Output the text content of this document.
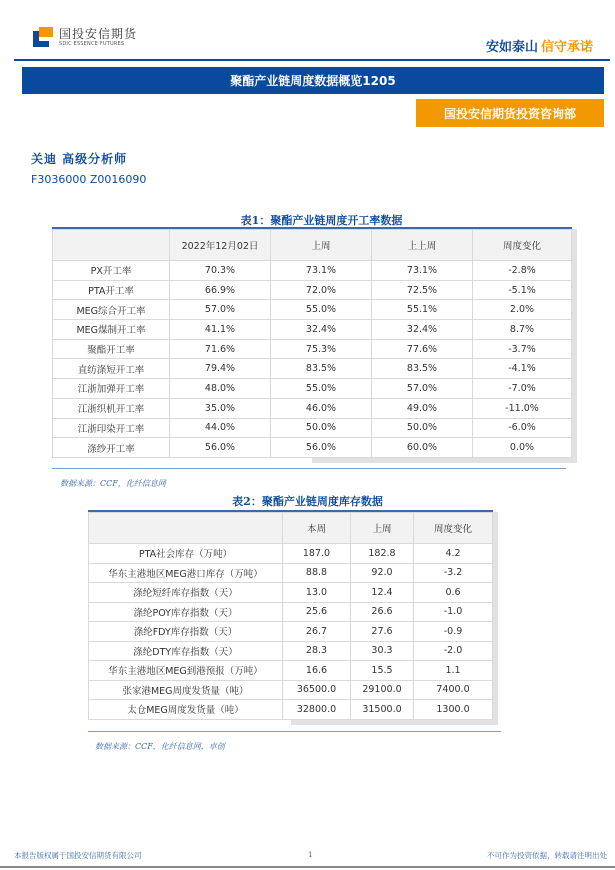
国投安信期货
SDIC ESSENCE FUTURES	安如泰山 信守承诺
聚酯产业链周度数据概览1205
国投安信期货投资咨询部
关迪 高级分析师
F3036000 Z0016090
表1：聚酯产业链周度开工率数据
	2022年12月02日	上周	上上周	周度变化
PX开工率	70.3%	73.1%	73.1%	-2.8%
PTA开工率	66.9%	72.0%	72.5%	-5.1%
MEG综合开工率	57.0%	55.0%	55.1%	2.0%
MEG煤制开工率	41.1%	32.4%	32.4%	8.7%
聚酯开工率	71.6%	75.3%	77.6%	-3.7%
直纺涤短开工率	79.4%	83.5%	83.5%	-4.1%
江浙加弹开工率	48.0%	55.0%	57.0%	-7.0%
江浙织机开工率	35.0%	46.0%	49.0%	-11.0%
江浙印染开工率	44.0%	50.0%	50.0%	-6.0%
涤纱开工率	56.0%	56.0%	60.0%	0.0%
数据来源：CCF，化纤信息网
表2：聚酯产业链周度库存数据
	本周	上周	周度变化
PTA社会库存（万吨）	187.0	182.8	4.2
华东主港地区MEG港口库存（万吨）	88.8	92.0	-3.2
涤纶短纤库存指数（天）	13.0	12.4	0.6
涤纶POY库存指数（天）	25.6	26.6	-1.0
涤纶FDY库存指数（天）	26.7	27.6	-0.9
涤纶DTY库存指数（天）	28.3	30.3	-2.0
华东主港地区MEG到港预报（万吨）	16.6	15.5	1.1
张家港MEG周度发货量（吨）	36500.0	29100.0	7400.0
太仓MEG周度发货量（吨）	32800.0	31500.0	1300.0
数据来源：CCF，化纤信息网，卓创
本报告版权属于国投安信期货有限公司	1	不可作为投资依据，转载请注明出处
